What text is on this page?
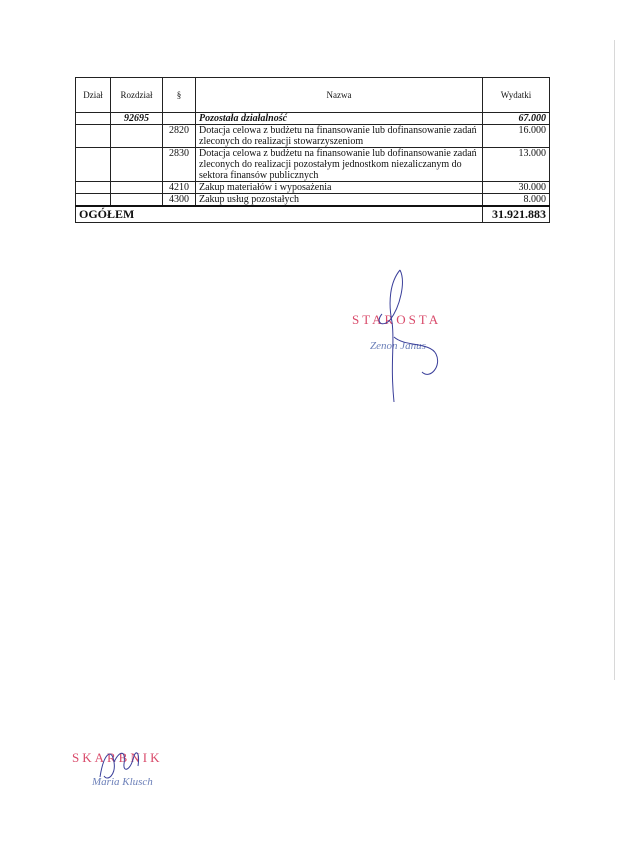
Dział	Rozdział	§	Nazwa	Wydatki
	92695		Pozostała działalność	67.000
		2820	Dotacja celowa z budżetu na finansowanie lub dofinansowanie zadań zleconych do realizacji stowarzyszeniom	16.000
		2830	Dotacja celowa z budżetu na finansowanie lub dofinansowanie zadań zleconych do realizacji pozostałym jednostkom niezaliczanym do sektora finansów publicznych	13.000
		4210	Zakup materiałów i wyposażenia	30.000
		4300	Zakup usług pozostałych	8.000
OGÓŁEM				31.921.883
STAROSTA
Zenon Janus
SKARBNIK
Maria Klusch
